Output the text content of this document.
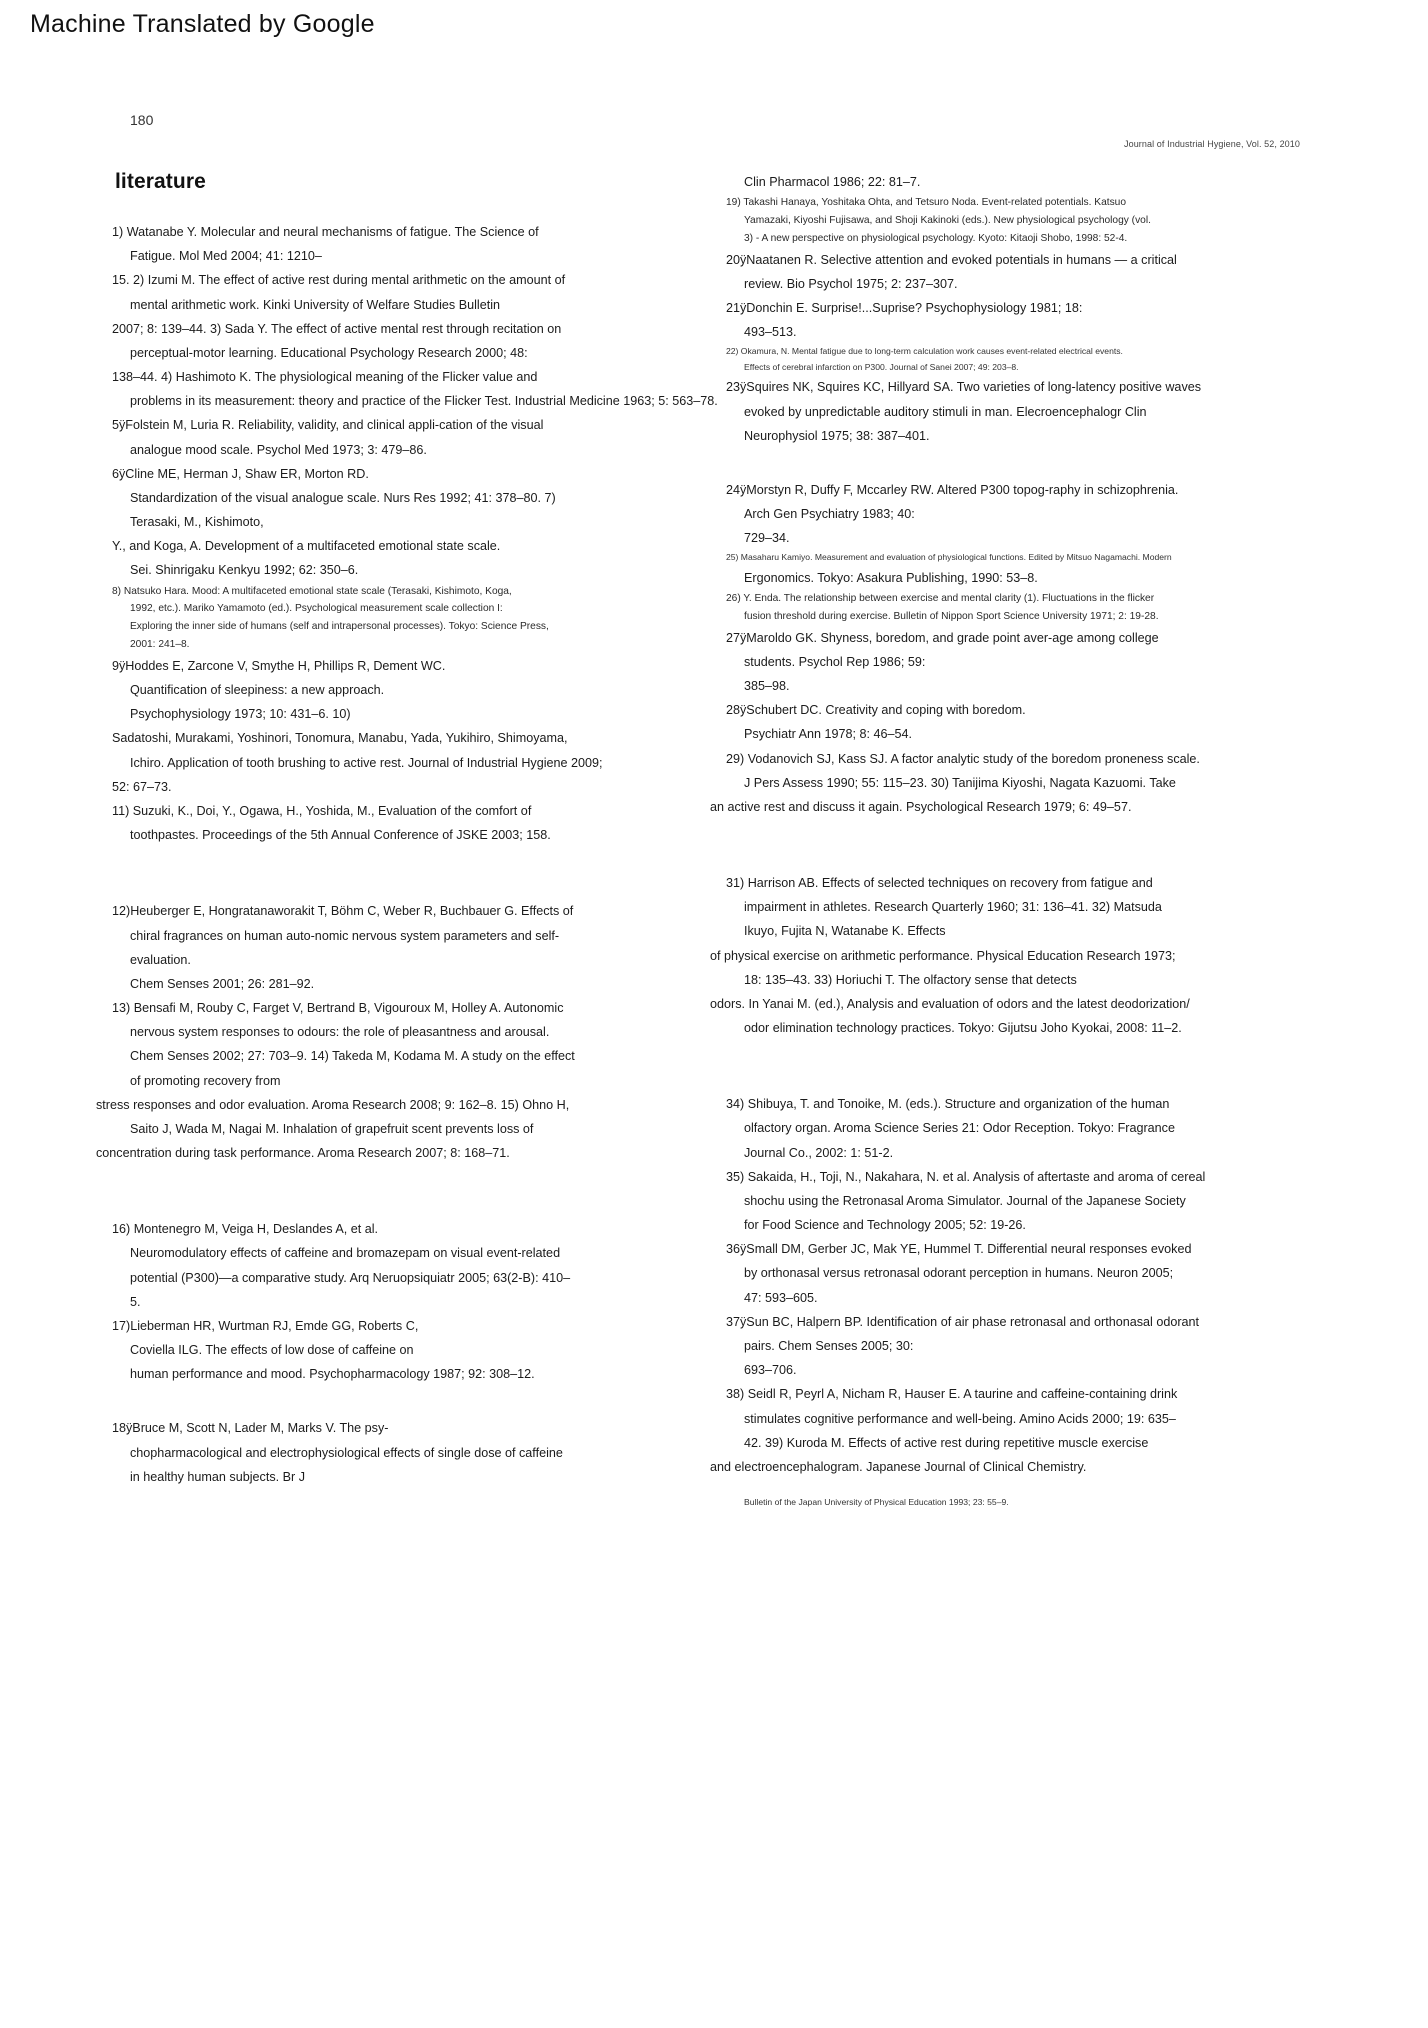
Machine Translated by Google
180
Journal of Industrial Hygiene, Vol. 52, 2010
literature

1) Watanabe Y. Molecular and neural mechanisms of fatigue. The Science of
Fatigue. Mol Med 2004; 41: 1210–

15. 2) Izumi M. The effect of active rest during mental arithmetic on the amount of
mental arithmetic work. Kinki University of Welfare Studies Bulletin

2007; 8: 139–44. 3) Sada Y. The effect of active mental rest through recitation on
perceptual-motor learning. Educational Psychology Research 2000; 48:

138–44. 4) Hashimoto K. The physiological meaning of the Flicker value and
problems in its measurement: theory and practice of the Flicker Test. Industrial Medicine 1963; 5: 563–78.

5ÿFolstein M, Luria R. Reliability, validity, and clinical appli-cation of the visual
analogue mood scale. Psychol Med 1973; 3: 479–86.

6ÿCline ME, Herman J, Shaw ER, Morton RD.
Standardization of the visual analogue scale. Nurs Res 1992; 41: 378–80. 7)
Terasaki, M., Kishimoto,

Y., and Koga, A. Development of a multifaceted emotional state scale.
Sei. Shinrigaku Kenkyu 1992; 62: 350–6.

8) Natsuko Hara. Mood: A multifaceted emotional state scale (Terasaki, Kishimoto, Koga,
1992, etc.). Mariko Yamamoto (ed.). Psychological measurement scale collection I:
Exploring the inner side of humans (self and intrapersonal processes). Tokyo: Science Press,
2001: 241–8.

9ÿHoddes E, Zarcone V, Smythe H, Phillips R, Dement WC.
Quantification of sleepiness: a new approach.
Psychophysiology 1973; 10: 431–6. 10)

Sadatoshi, Murakami, Yoshinori, Tonomura, Manabu, Yada, Yukihiro, Shimoyama,
Ichiro. Application of tooth brushing to active rest. Journal of Industrial Hygiene 2009;
52: 67–73.

11) Suzuki, K., Doi, Y., Ogawa, H., Yoshida, M., Evaluation of the comfort of
toothpastes. Proceedings of the 5th Annual Conference of JSKE 2003; 158.

12)Heuberger E, Hongratanaworakit T, Böhm C, Weber R, Buchbauer G. Effects of
chiral fragrances on human auto-nomic nervous system parameters and self-
evaluation.
Chem Senses 2001; 26: 281–92.

13) Bensafi M, Rouby C, Farget V, Bertrand B, Vigouroux M, Holley A. Autonomic
nervous system responses to odours: the role of pleasantness and arousal.
Chem Senses 2002; 27: 703–9. 14) Takeda M, Kodama M. A study on the effect
of promoting recovery from

stress responses and odor evaluation. Aroma Research 2008; 9: 162–8. 15) Ohno H,
Saito J, Wada M, Nagai M. Inhalation of grapefruit scent prevents loss of
concentration during task performance. Aroma Research 2007; 8: 168–71.

16) Montenegro M, Veiga H, Deslandes A, et al.
Neuromodulatory effects of caffeine and bromazepam on visual event-related
potential (P300)—a comparative study. Arq Neruopsiquiatr 2005; 63(2-B): 410–
5.

17)Lieberman HR, Wurtman RJ, Emde GG, Roberts C,
Coviella ILG. The effects of low dose of caffeine on
human performance and mood. Psychopharmacology 1987; 92: 308–12.

18ÿBruce M, Scott N, Lader M, Marks V. The psy-
chopharmacological and electrophysiological effects of single dose of caffeine
in healthy human subjects. Br J

Clin Pharmacol 1986; 22: 81–7.

19) Takashi Hanaya, Yoshitaka Ohta, and Tetsuro Noda. Event-related potentials. Katsuo
Yamazaki, Kiyoshi Fujisawa, and Shoji Kakinoki (eds.). New physiological psychology (vol.
3) - A new perspective on physiological psychology. Kyoto: Kitaoji Shobo, 1998: 52-4.

20ÿNaatanen R. Selective attention and evoked potentials in humans — a critical
review. Bio Psychol 1975; 2: 237–307.

21ÿDonchin E. Surprise!...Suprise? Psychophysiology 1981; 18:
493–513.

22) Okamura, N. Mental fatigue due to long-term calculation work causes event-related electrical events.
Effects of cerebral infarction on P300. Journal of Sanei 2007; 49: 203–8.

23ÿSquires NK, Squires KC, Hillyard SA. Two varieties of long-latency positive waves
evoked by unpredictable auditory stimuli in man. Elecroencephalogr Clin
Neurophysiol 1975; 38: 387–401.

24ÿMorstyn R, Duffy F, Mccarley RW. Altered P300 topog-raphy in schizophrenia.
Arch Gen Psychiatry 1983; 40:
729–34.

25) Masaharu Kamiyo. Measurement and evaluation of physiological functions. Edited by Mitsuo Nagamachi. Modern

Ergonomics. Tokyo: Asakura Publishing, 1990: 53–8.

26) Y. Enda. The relationship between exercise and mental clarity (1). Fluctuations in the flicker
fusion threshold during exercise. Bulletin of Nippon Sport Science University 1971; 2: 19-28.

27ÿMaroldo GK. Shyness, boredom, and grade point aver-age among college
students. Psychol Rep 1986; 59:
385–98.

28ÿSchubert DC. Creativity and coping with boredom.
Psychiatr Ann 1978; 8: 46–54.

29) Vodanovich SJ, Kass SJ. A factor analytic study of the boredom proneness scale.
J Pers Assess 1990; 55: 115–23. 30) Tanijima Kiyoshi, Nagata Kazuomi. Take
an active rest and discuss it again. Psychological Research 1979; 6: 49–57.

31) Harrison AB. Effects of selected techniques on recovery from fatigue and
impairment in athletes. Research Quarterly 1960; 31: 136–41. 32) Matsuda
Ikuyo, Fujita N, Watanabe K. Effects

of physical exercise on arithmetic performance. Physical Education Research 1973;
18: 135–43. 33) Horiuchi T. The olfactory sense that detects

odors. In Yanai M. (ed.), Analysis and evaluation of odors and the latest deodorization/
odor elimination technology practices. Tokyo: Gijutsu Joho Kyokai, 2008: 11–2.

34) Shibuya, T. and Tonoike, M. (eds.). Structure and organization of the human
olfactory organ. Aroma Science Series 21: Odor Reception. Tokyo: Fragrance
Journal Co., 2002: 1: 51-2.

35) Sakaida, H., Toji, N., Nakahara, N. et al. Analysis of aftertaste and aroma of cereal
shochu using the Retronasal Aroma Simulator. Journal of the Japanese Society
for Food Science and Technology 2005; 52: 19-26.

36ÿSmall DM, Gerber JC, Mak YE, Hummel T. Differential neural responses evoked
by orthonasal versus retronasal odorant perception in humans. Neuron 2005;
47: 593–605.

37ÿSun BC, Halpern BP. Identification of air phase retronasal and orthonasal odorant
pairs. Chem Senses 2005; 30:
693–706.

38) Seidl R, Peyrl A, Nicham R, Hauser E. A taurine and caffeine-containing drink
stimulates cognitive performance and well-being. Amino Acids 2000; 19: 635–
42. 39) Kuroda M. Effects of active rest during repetitive muscle exercise
and electroencephalogram. Japanese Journal of Clinical Chemistry.

Bulletin of the Japan University of Physical Education 1993; 23: 55–9.
